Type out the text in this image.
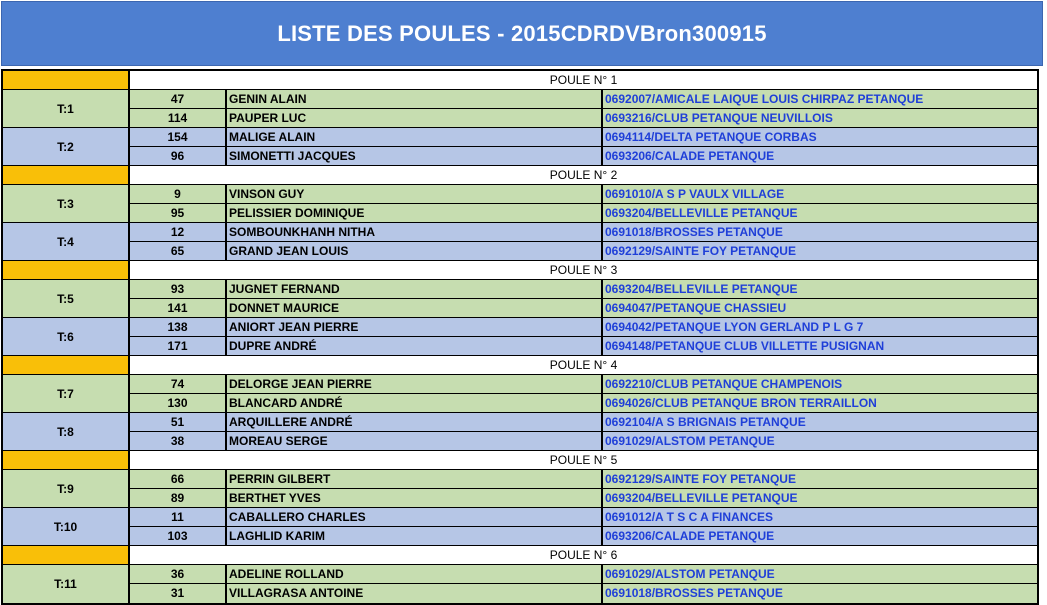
LISTE DES POULES - 2015CDRDVBron300915
POULE N° 1
T:1
47	GENIN ALAIN	0692007/AMICALE LAIQUE LOUIS CHIRPAZ PETANQUE
114	PAUPER LUC	0693216/CLUB PETANQUE NEUVILLOIS
T:2
154	MALIGE ALAIN	0694114/DELTA PETANQUE CORBAS
96	SIMONETTI JACQUES	0693206/CALADE PETANQUE
POULE N° 2
T:3
9	VINSON GUY	0691010/A S P VAULX VILLAGE
95	PELISSIER DOMINIQUE	0693204/BELLEVILLE PETANQUE
T:4
12	SOMBOUNKHANH NITHA	0691018/BROSSES PETANQUE
65	GRAND JEAN LOUIS	0692129/SAINTE FOY PETANQUE
POULE N° 3
T:5
93	JUGNET FERNAND	0693204/BELLEVILLE PETANQUE
141	DONNET MAURICE	0694047/PETANQUE CHASSIEU
T:6
138	ANIORT JEAN PIERRE	0694042/PETANQUE LYON GERLAND P L G 7
171	DUPRE ANDRÉ	0694148/PETANQUE CLUB VILLETTE PUSIGNAN
POULE N° 4
T:7
74	DELORGE JEAN PIERRE	0692210/CLUB PETANQUE CHAMPENOIS
130	BLANCARD ANDRÉ	0694026/CLUB PETANQUE BRON TERRAILLON
T:8
51	ARQUILLERE ANDRÉ	0692104/A S BRIGNAIS PETANQUE
38	MOREAU SERGE	0691029/ALSTOM PETANQUE
POULE N° 5
T:9
66	PERRIN GILBERT	0692129/SAINTE FOY PETANQUE
89	BERTHET YVES	0693204/BELLEVILLE PETANQUE
T:10
11	CABALLERO CHARLES	0691012/A T S C A FINANCES
103	LAGHLID KARIM	0693206/CALADE PETANQUE
POULE N° 6
T:11
36	ADELINE ROLLAND	0691029/ALSTOM PETANQUE
31	VILLAGRASA ANTOINE	0691018/BROSSES PETANQUE
